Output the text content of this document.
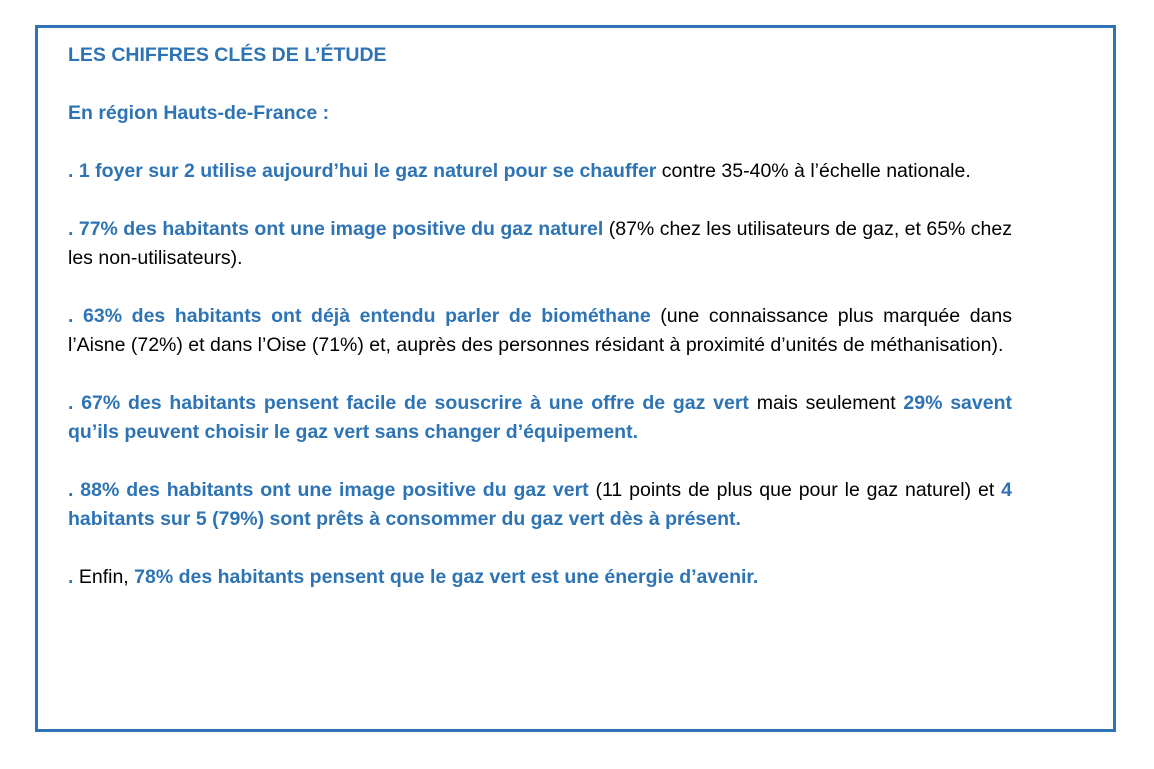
LES CHIFFRES CLÉS DE L’ÉTUDE

En région Hauts-de-France :

. 1 foyer sur 2 utilise aujourd’hui le gaz naturel pour se chauffer contre 35-40% à l’échelle nationale.

. 77% des habitants ont une image positive du gaz naturel (87% chez les utilisateurs de gaz, et 65% chez les non-utilisateurs).

. 63% des habitants ont déjà entendu parler de biométhane (une connaissance plus marquée dans l’Aisne (72%) et dans l’Oise (71%) et, auprès des personnes résidant à proximité d’unités de méthanisation).

. 67% des habitants pensent facile de souscrire à une offre de gaz vert mais seulement 29% savent qu’ils peuvent choisir le gaz vert sans changer d’équipement.

. 88% des habitants ont une image positive du gaz vert (11 points de plus que pour le gaz naturel) et 4 habitants sur 5 (79%) sont prêts à consommer du gaz vert dès à présent.

. Enfin, 78% des habitants pensent que le gaz vert est une énergie d’avenir.
